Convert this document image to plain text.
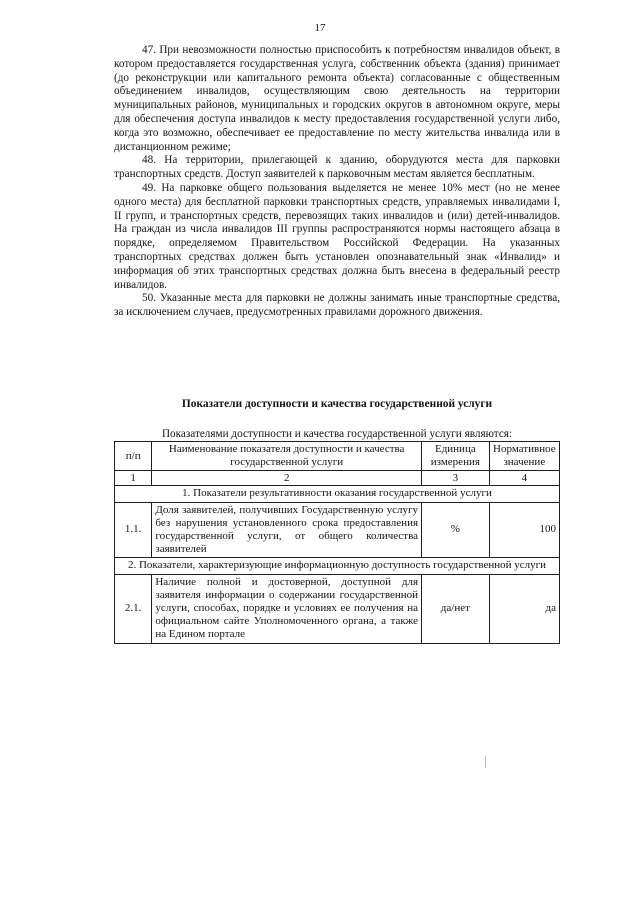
17

47. При невозможности полностью приспособить к потребностям инвалидов объект, в котором предоставляется государственная услуга, собственник объекта (здания) принимает (до реконструкции или капитального ремонта объекта) согласованные с общественным объединением инвалидов, осуществляющим свою деятельность на территории муниципальных районов, муниципальных и городских округов в автономном округе, меры для обеспечения доступа инвалидов к месту предоставления государственной услуги либо, когда это возможно, обеспечивает ее предоставление по месту жительства инвалида или в дистанционном режиме;

48. На территории, прилегающей к зданию, оборудуются места для парковки транспортных средств. Доступ заявителей к парковочным местам является бесплатным.

49. На парковке общего пользования выделяется не менее 10% мест (но не менее одного места) для бесплатной парковки транспортных средств, управляемых инвалидами I, II групп, и транспортных средств, перевозящих таких инвалидов и (или) детей-инвалидов. На граждан из числа инвалидов III группы распространяются нормы настоящего абзаца в порядке, определяемом Правительством Российской Федерации. На указанных транспортных средствах должен быть установлен опознавательный знак «Инвалид» и информация об этих транспортных средствах должна быть внесена в федеральный реестр инвалидов.

50. Указанные места для парковки не должны занимать иные транспортные средства, за исключением случаев, предусмотренных правилами дорожного движения.

Показатели доступности и качества государственной услуги
Показателями доступности и качества государственной услуги являются:
п/п	Наименование показателя доступности и качества государственной услуги	Единица измерения	Нормативное значение
1	2	3	4
1. Показатели результативности оказания государственной услуги			
1.1.	Доля заявителей, получивших Государственную услугу без нарушения установленного срока предоставления государственной услуги, от общего количества заявителей	%	100
2. Показатели, характеризующие информационную доступность государственной услуги			
2.1.	Наличие полной и достоверной, доступной для заявителя информации о содержании государственной услуги, способах, порядке и условиях ее получения на официальном сайте Уполномоченного органа, а также на Едином портале	да/нет	да
